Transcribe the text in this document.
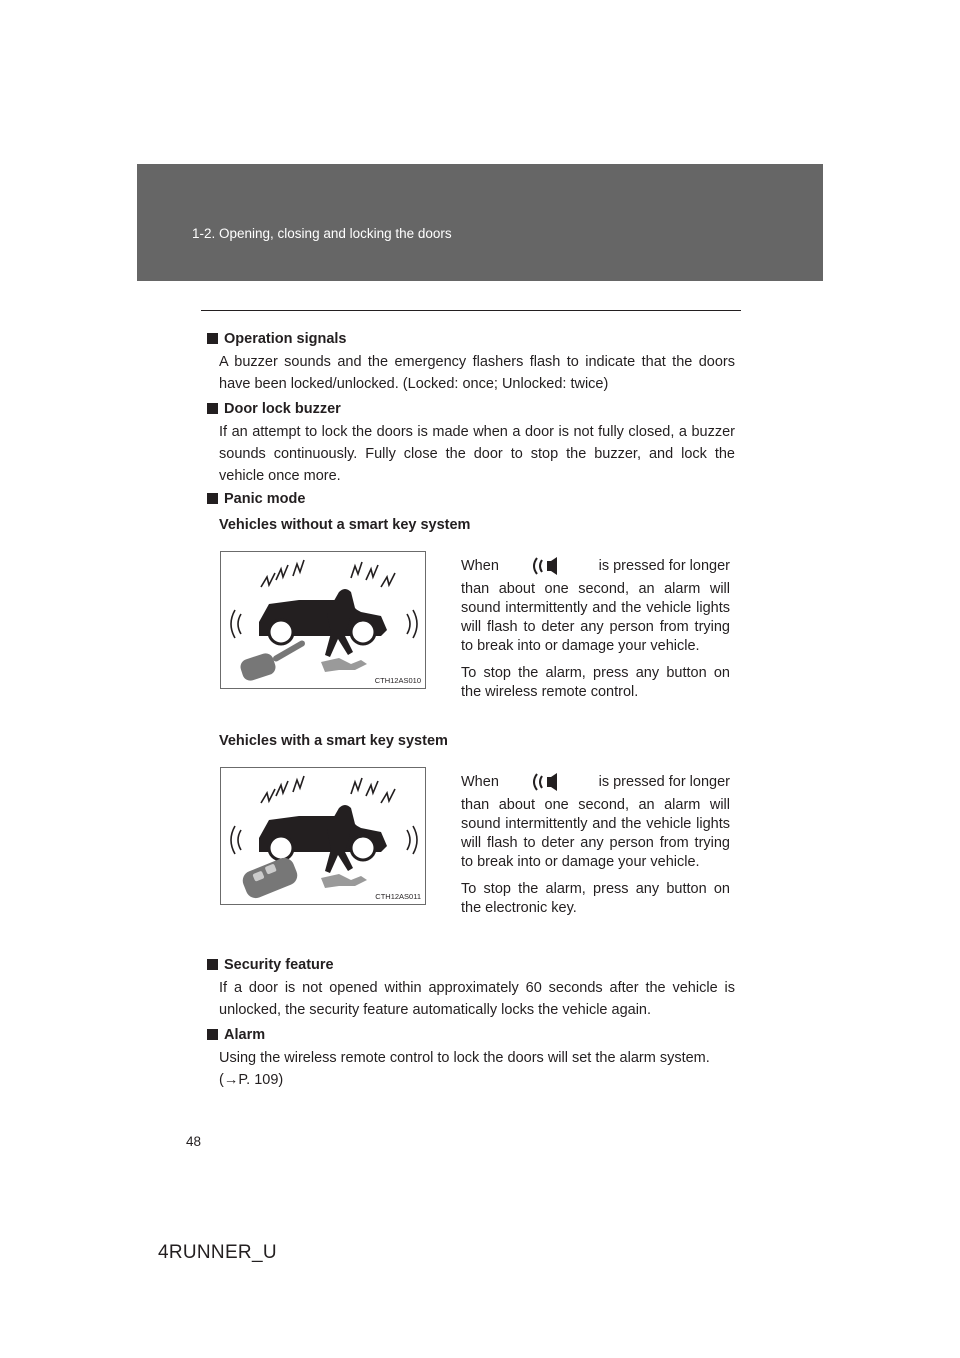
1-2. Opening, closing and locking the doors
48
Operation signals
A buzzer sounds and the emergency flashers flash to indicate that the doors have been locked/unlocked. (Locked: once; Unlocked: twice)
Door lock buzzer
If an attempt to lock the doors is made when a door is not fully closed, a buzzer sounds continuously. Fully close the door to stop the buzzer, and lock the vehicle once more.
Panic mode
Vehicles without a smart key system
CTH12AS010
When	is pressed for longer

than about one second, an alarm will sound intermittently and the vehicle lights will flash to deter any person from trying to break into or damage your vehicle.

To stop the alarm, press any button on the wireless remote control.

Vehicles with a smart key system
CTH12AS011
When	is pressed for longer

than about one second, an alarm will sound intermittently and the vehicle lights will flash to deter any person from trying to break into or damage your vehicle.

To stop the alarm, press any button on the electronic key.

Security feature
If a door is not opened within approximately 60 seconds after the vehicle is unlocked, the security feature automatically locks the vehicle again.
Alarm
Using the wireless remote control to lock the doors will set the alarm system.
(→P. 109)
4RUNNER_U
